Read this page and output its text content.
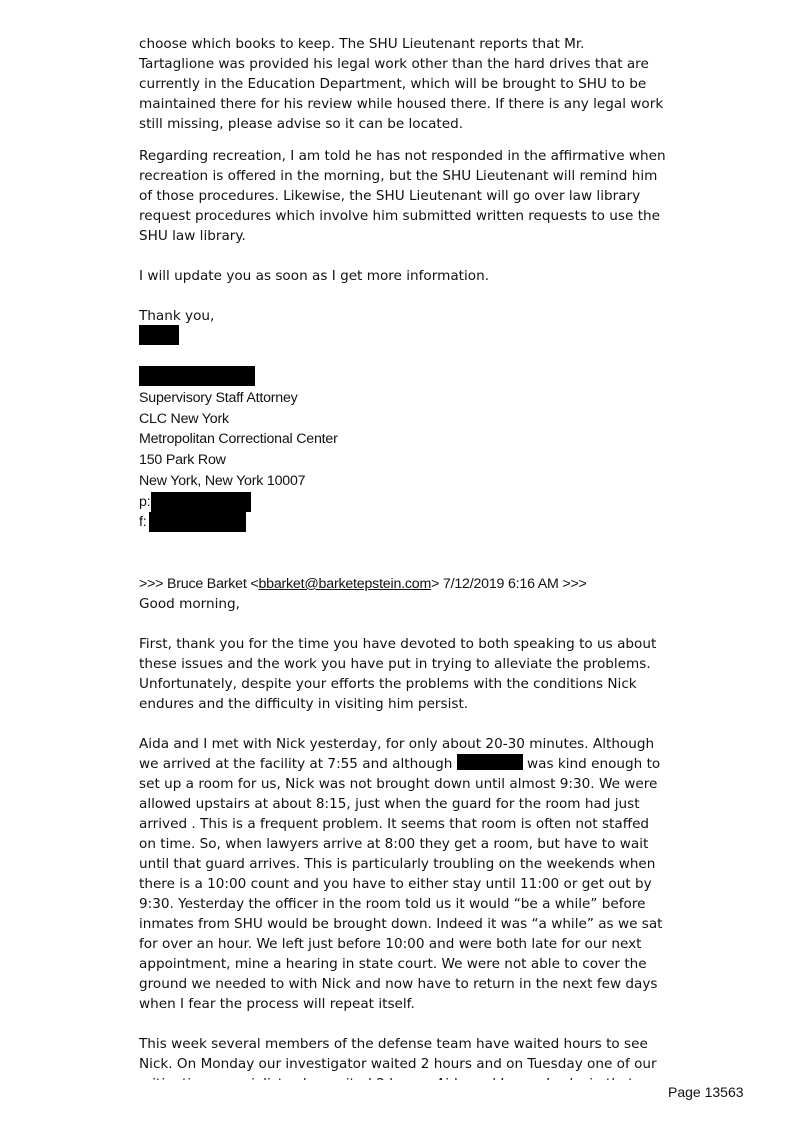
choose which books to keep. The SHU Lieutenant reports that Mr.
Tartaglione was provided his legal work other than the hard drives that are
currently in the Education Department, which will be brought to SHU to be
maintained there for his review while housed there. If there is any legal work
still missing, please advise so it can be located.
Regarding recreation, I am told he has not responded in the affirmative when
recreation is offered in the morning, but the SHU Lieutenant will remind him
of those procedures. Likewise, the SHU Lieutenant will go over law library
request procedures which involve him submitted written requests to use the
SHU law library.
I will update you as soon as I get more information.
Thank you,
Supervisory Staff Attorney
CLC New York
Metropolitan Correctional Center
150 Park Row
New York, New York 10007
p:
f:
>>> Bruce Barket <bbarket@barketepstein.com> 7/12/2019 6:16 AM >>>
Good morning,
First, thank you for the time you have devoted to both speaking to us about
these issues and the work you have put in trying to alleviate the problems.
Unfortunately, despite your efforts the problems with the conditions Nick
endures and the difficulty in visiting him persist.
Aida and I met with Nick yesterday, for only about 20-30 minutes. Although
we arrived at the facility at 7:55 and although	was kind enough to
set up a room for us, Nick was not brought down until almost 9:30. We were
allowed upstairs at about 8:15, just when the guard for the room had just
arrived . This is a frequent problem. It seems that room is often not staffed
on time. So, when lawyers arrive at 8:00 they get a room, but have to wait
until that guard arrives. This is particularly troubling on the weekends when
there is a 10:00 count and you have to either stay until 11:00 or get out by
9:30. Yesterday the officer in the room told us it would “be a while” before
inmates from SHU would be brought down. Indeed it was “a while” as we sat
for over an hour. We left just before 10:00 and were both late for our next
appointment, mine a hearing in state court. We were not able to cover the
ground we needed to with Nick and now have to return in the next few days
when I fear the process will repeat itself.
This week several members of the defense team have waited hours to see
Nick. On Monday our investigator waited 2 hours and on Tuesday one of our

Page 13563
